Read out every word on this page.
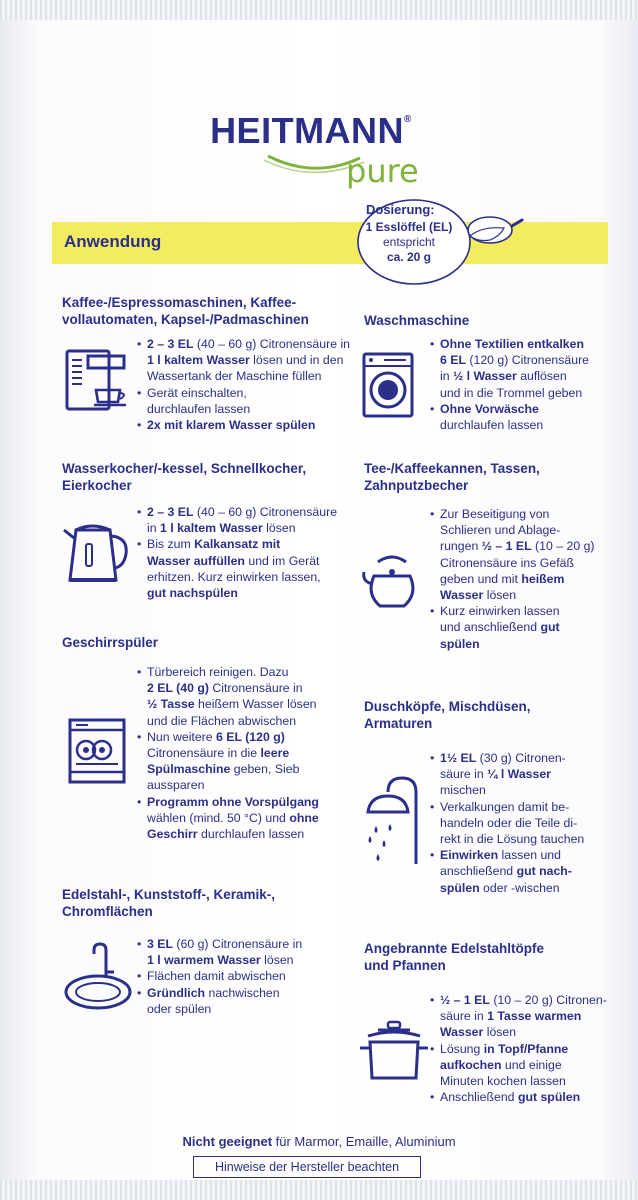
HEITMANN®
pure
Anwendung
Dosierung:
1 Esslöffel (EL)
entspricht
ca. 20 g
Kaffee-/Espressomaschinen, Kaffee-
vollautomaten, Kapsel-/Padmaschinen
• 2 – 3 EL (40 – 60 g) Citronensäure in
1 l kaltem Wasser lösen und in den
Wassertank der Maschine füllen
• Gerät einschalten,
durchlaufen lassen
• 2x mit klarem Wasser spülen
Waschmaschine
• Ohne Textilien entkalken
6 EL (120 g) Citronensäure
in ½ l Wasser auflösen
und in die Trommel geben
• Ohne Vorwäsche
durchlaufen lassen
Wasserkocher/-kessel, Schnellkocher,
Eierkocher
• 2 – 3 EL (40 – 60 g) Citronensäure
in 1 l kaltem Wasser lösen
• Bis zum Kalkansatz mit
Wasser auffüllen und im Gerät
erhitzen. Kurz einwirken lassen,
gut nachspülen
Tee-/Kaffeekannen, Tassen,
Zahnputzbecher
• Zur Beseitigung von
Schlieren und Ablage-
rungen ½ – 1 EL (10 – 20 g)
Citronensäure ins Gefäß
geben und mit heißem
Wasser lösen
• Kurz einwirken lassen
und anschließend gut
spülen
Geschirrspüler
• Türbereich reinigen. Dazu
2 EL (40 g) Citronensäure in
½ Tasse heißem Wasser lösen
und die Flächen abwischen
• Nun weitere 6 EL (120 g)
Citronensäure in die leere
Spülmaschine geben, Sieb
aussparen
• Programm ohne Vorspülgang
wählen (mind. 50 °C) und ohne
Geschirr durchlaufen lassen
Duschköpfe, Mischdüsen,
Armaturen
• 1½ EL (30 g) Citronen-
säure in ¼ l Wasser
mischen
• Verkalkungen damit be-
handeln oder die Teile di-
rekt in die Lösung tauchen
• Einwirken lassen und
anschließend gut nach-
spülen oder -wischen
Edelstahl-, Kunststoff-, Keramik-,
Chromflächen
• 3 EL (60 g) Citronensäure in
1 l warmem Wasser lösen
• Flächen damit abwischen
• Gründlich nachwischen
oder spülen
Angebrannte Edelstahltöpfe
und Pfannen
• ½ – 1 EL (10 – 20 g) Citronen-
säure in 1 Tasse warmen
Wasser lösen
• Lösung in Topf/Pfanne
aufkochen und einige
Minuten kochen lassen
• Anschließend gut spülen
Nicht geeignet für Marmor, Emaille, Aluminium
Hinweise der Hersteller beachten
